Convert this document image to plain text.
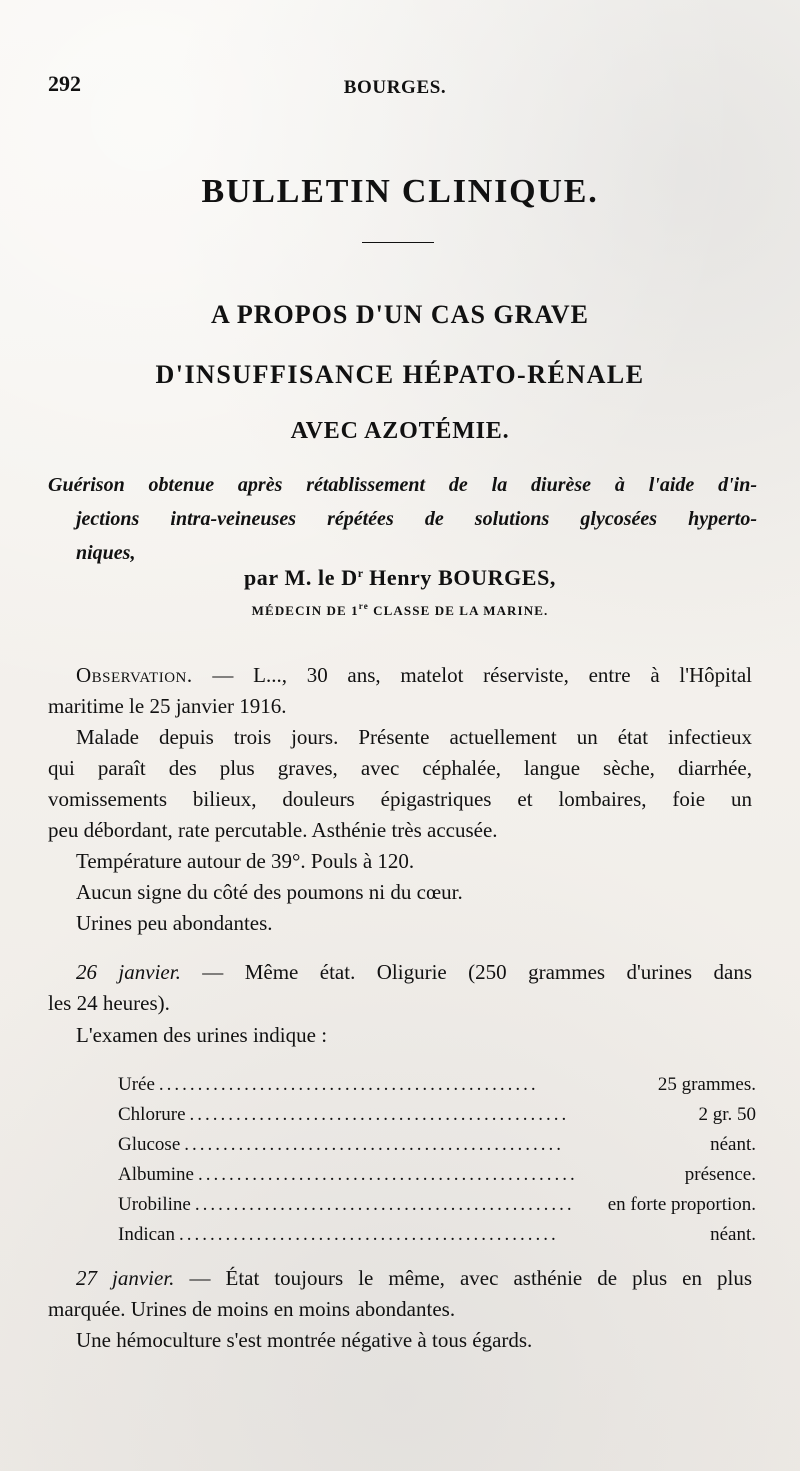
292	BOURGES.
BULLETIN CLINIQUE.
A PROPOS D'UN CAS GRAVE
D'INSUFFISANCE HÉPATO-RÉNALE
AVEC AZOTÉMIE.
Guérison obtenue après rétablissement de la diurèse à l'aide d'in-
jections intra-veineuses répétées de solutions glycosées hyperto-
niques,
par M. le $D^r$ Henry BOURGES,
MÉDECIN DE 1re CLASSE DE LA MARINE.
Observation. — L..., 30 ans, matelot réserviste, entre à l'Hôpital
maritime le 25 janvier 1916.
Malade depuis trois jours. Présente actuellement un état infectieux
qui paraît des plus graves, avec céphalée, langue sèche, diarrhée,
vomissements bilieux, douleurs épigastriques et lombaires, foie un
peu débordant, rate percutable. Asthénie très accusée.
Température autour de 39°. Pouls à 120.
Aucun signe du côté des poumons ni du cœur.
Urines peu abondantes.
26 janvier. — Même état. Oligurie (250 grammes d'urines dans
les 24 heures).
L'examen des urines indique :
Urée .................................................	25 grammes.
Chlorure .................................................	2 gr. 50
Glucose .................................................	néant.
Albumine .................................................	présence.
Urobiline .................................................	en forte proportion.
Indican .................................................	néant.
27 janvier. — État toujours le même, avec asthénie de plus en plus
marquée. Urines de moins en moins abondantes.
Une hémoculture s'est montrée négative à tous égards.
